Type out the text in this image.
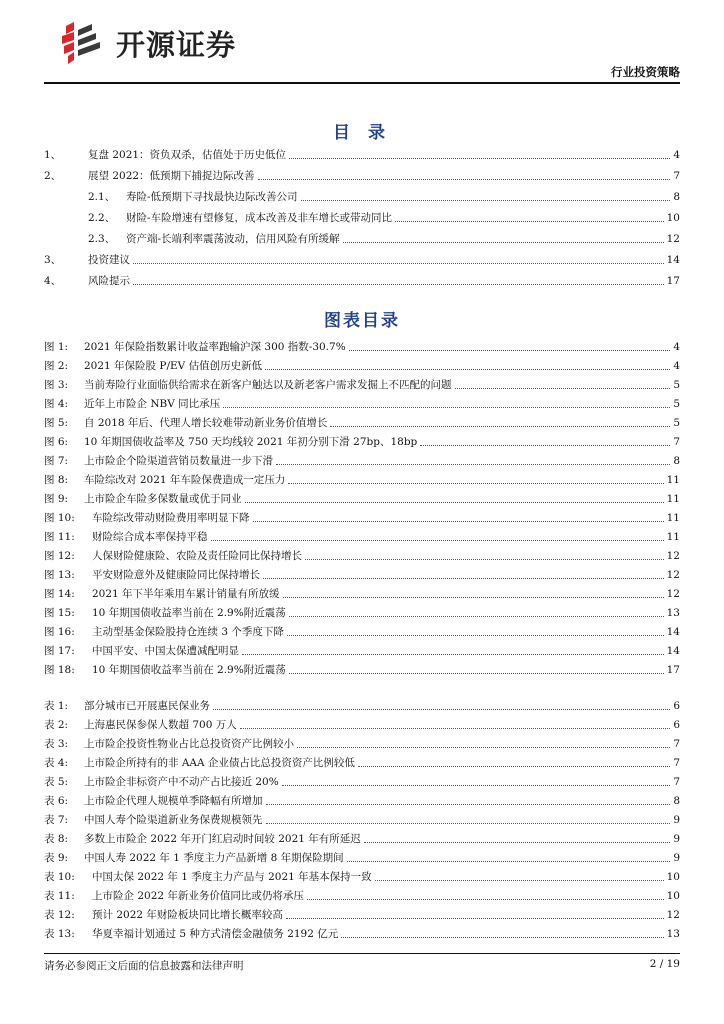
开源证券
行业投资策略
目 录
1、	复盘 2021：资负双杀，估值处于历史低位	4
2、	展望 2022：低预期下捕捉边际改善	7
2.1、	寿险-低预期下寻找最快边际改善公司	8
2.2、	财险-车险增速有望修复，成本改善及非车增长或带动同比	10
2.3、	资产端-长端利率震荡波动，信用风险有所缓解	12
3、	投资建议	14
4、	风险提示	17
图表目录
图 1:	2021 年保险指数累计收益率跑输沪深 300 指数-30.7%	4
图 2:	2021 年保险股 P/EV 估值创历史新低	4
图 3:	当前寿险行业面临供给需求在新客户触达以及新老客户需求发掘上不匹配的问题	5
图 4:	近年上市险企 NBV 同比承压	5
图 5:	自 2018 年后、代理人增长较难带动新业务价值增长	5
图 6:	10 年期国债收益率及 750 天均线较 2021 年初分别下滑 27bp、18bp	7
图 7:	上市险企个险渠道营销员数量进一步下滑	8
图 8:	车险综改对 2021 年车险保费造成一定压力	11
图 9:	上市险企车险多保数量或优于同业	11
图 10:	车险综改带动财险费用率明显下降	11
图 11:	财险综合成本率保持平稳	11
图 12:	人保财险健康险、农险及责任险同比保持增长	12
图 13:	平安财险意外及健康险同比保持增长	12
图 14:	2021 年下半年乘用车累计销量有所放缓	12
图 15:	10 年期国债收益率当前在 2.9%附近震荡	13
图 16:	主动型基金保险股持仓连续 3 个季度下降	14
图 17:	中国平安、中国太保遭减配明显	14
图 18:	10 年期国债收益率当前在 2.9%附近震荡	17
表 1:	部分城市已开展惠民保业务	6
表 2:	上海惠民保参保人数超 700 万人	6
表 3:	上市险企投资性物业占比总投资资产比例较小	7
表 4:	上市险企所持有的非 AAA 企业债占比总投资资产比例较低	7
表 5:	上市险企非标资产中不动产占比接近 20%	7
表 6:	上市险企代理人规模单季降幅有所增加	8
表 7:	中国人寿个险渠道新业务保费规模领先	9
表 8:	多数上市险企 2022 年开门红启动时间较 2021 年有所延迟	9
表 9:	中国人寿 2022 年 1 季度主力产品新增 8 年期保险期间	9
表 10:	中国太保 2022 年 1 季度主力产品与 2021 年基本保持一致	10
表 11:	上市险企 2022 年新业务价值同比或仍将承压	10
表 12:	预计 2022 年财险板块同比增长概率较高	12
表 13:	华夏幸福计划通过 5 种方式清偿金融债务 2192 亿元	13
请务必参阅正文后面的信息披露和法律声明	2 / 19
